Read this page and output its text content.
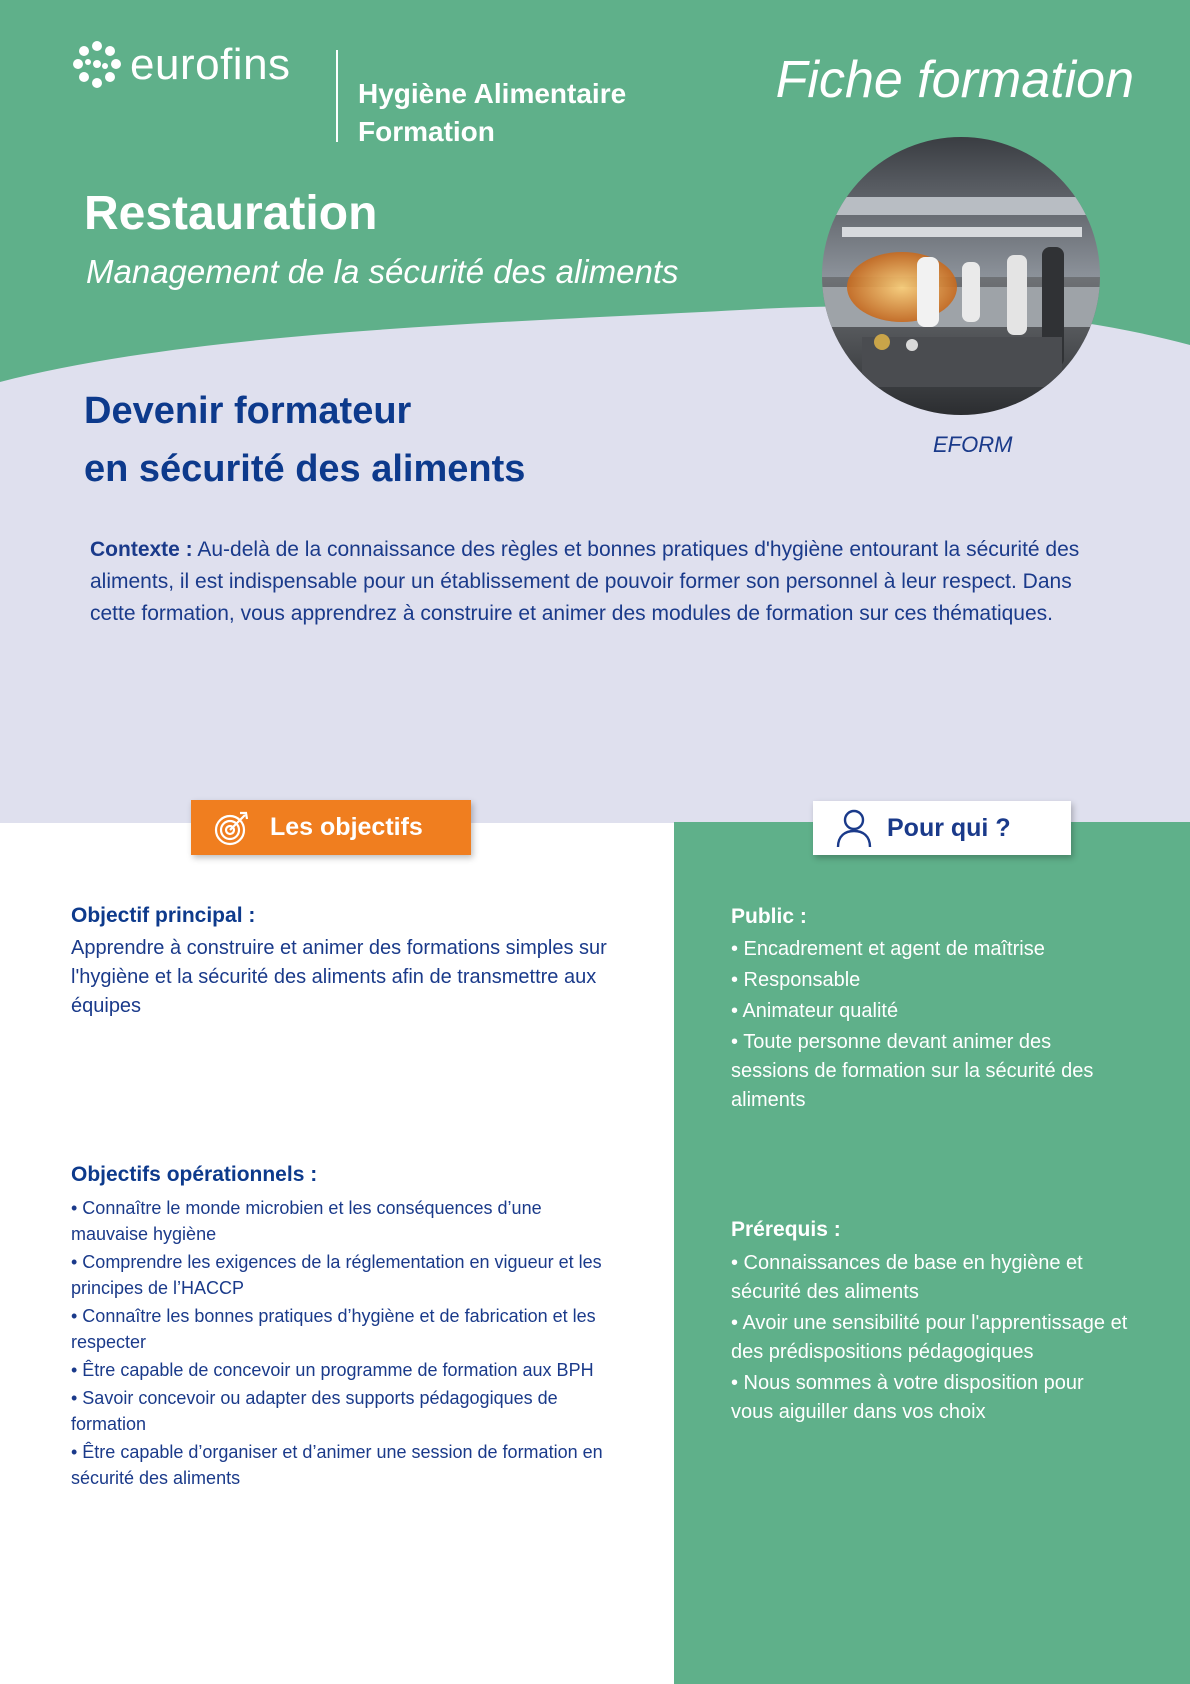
eurofins
Hygiène Alimentaire
Formation
Fiche formation
Restauration
Management de la sécurité des aliments
EFORM
Devenir formateur
en sécurité des aliments
Contexte : Au-delà de la connaissance des règles et bonnes pratiques d'hygiène entourant la sécurité des aliments, il est indispensable pour un établissement de pouvoir former son personnel à leur respect. Dans cette formation, vous apprendrez à construire et animer des modules de formation sur ces thématiques.
Les objectifs	Pour qui ?
Objectif principal :
Apprendre à construire et animer des formations simples sur l'hygiène et la sécurité des aliments afin de transmettre aux équipes
Objectifs opérationnels :
• Connaître le monde microbien et les conséquences d’une mauvaise hygiène
• Comprendre les exigences de la réglementation en vigueur et les principes de l’HACCP
• Connaître les bonnes pratiques d’hygiène et de fabrication et les respecter
• Être capable de concevoir un programme de formation aux BPH
• Savoir concevoir ou adapter des supports pédagogiques de formation
• Être capable d’organiser et d’animer une session de formation en sécurité des aliments
Public :
• Encadrement et agent de maîtrise
• Responsable
• Animateur qualité
• Toute personne devant animer des sessions de formation sur la sécurité des aliments
Prérequis :
• Connaissances de base en hygiène et sécurité des aliments
• Avoir une sensibilité pour l'apprentissage et des prédispositions pédagogiques
• Nous sommes à votre disposition pour vous aiguiller dans vos choix
